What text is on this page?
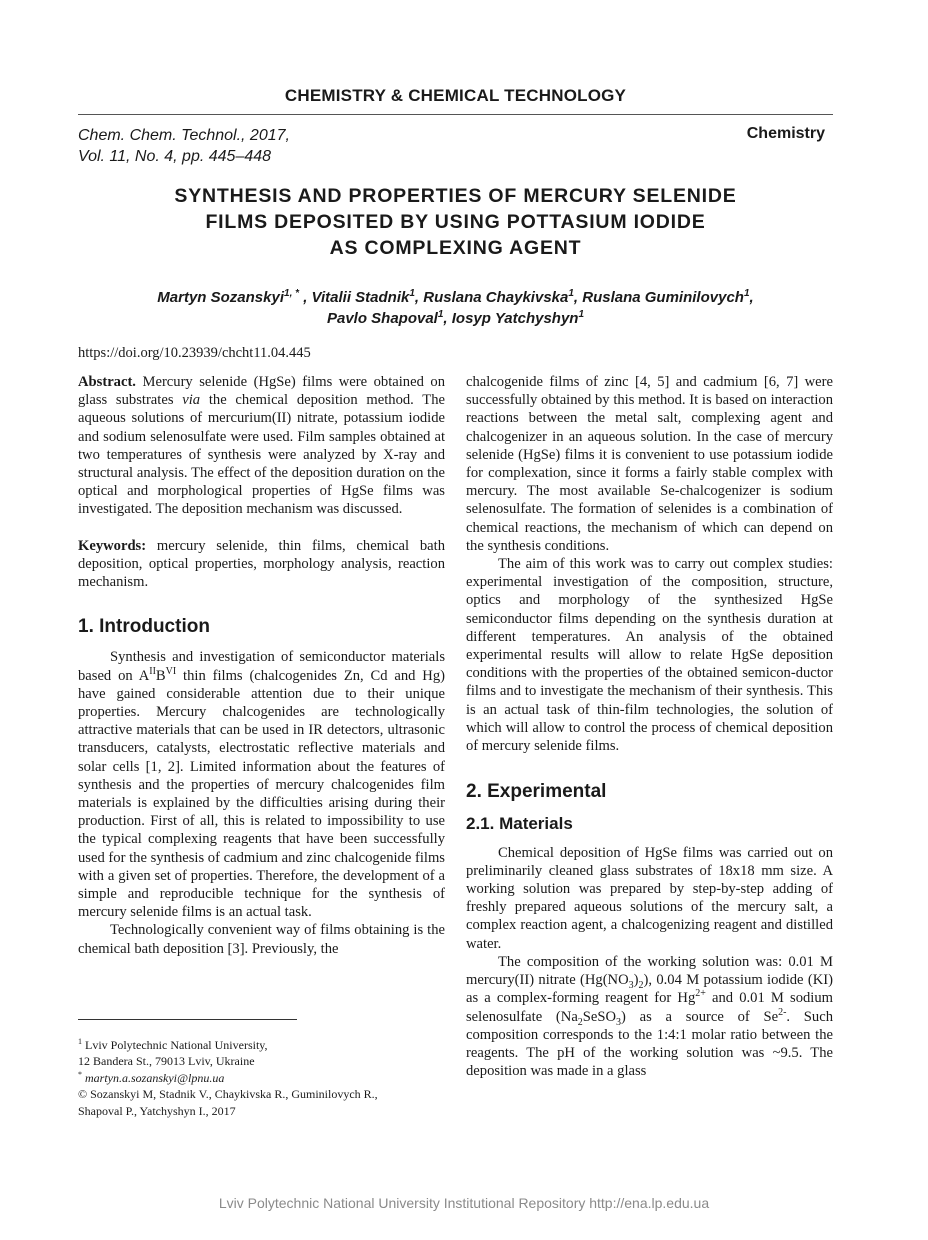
CHEMISTRY & CHEMICAL TECHNOLOGY
Chem. Chem. Technol., 2017,
Vol. 11, No. 4, pp. 445–448
Chemistry
SYNTHESIS AND PROPERTIES OF MERCURY SELENIDE
FILMS DEPOSITED BY USING POTTASIUM IODIDE
AS COMPLEXING AGENT
Martyn Sozanskyi$^{1, *}$ , Vitalii Stadnik$^1$, Ruslana Chaykivska$^1$, Ruslana Guminilovych$^1$,
Pavlo Shapoval$^1$, Iosyp Yatchyshyn$^1$
https://doi.org/10.23939/chcht11.04.445

Abstract. Mercury selenide (HgSe) films were obtained on glass substrates via the chemical deposition method. The aqueous solutions of mercurium(II) nitrate, potassium iodide and sodium selenosulfate were used. Film samples obtained at two temperatures of synthesis were analyzed by X-ray and structural analysis. The effect of the deposition duration on the optical and morphological properties of HgSe films was investigated. The deposition mechanism was discussed.

Keywords: mercury selenide, thin films, chemical bath deposition, optical properties, morphology analysis, reaction mechanism.

1. Introduction

Synthesis and investigation of semiconductor materials based on $A^{II}B^{VI}$ thin films (chalcogenides Zn, Cd and Hg) have gained considerable attention due to their unique properties. Mercury chalcogenides are technologically attractive materials that can be used in IR detectors, ultrasonic transducers, catalysts, electrostatic reflective materials and solar cells [1, 2]. Limited information about the features of synthesis and the properties of mercury chalcogenides film materials is explained by the difficulties arising during their production. First of all, this is related to impossibility to use the typical complexing reagents that have been successfully used for the synthesis of cadmium and zinc chalcogenide films with a given set of properties. Therefore, the development of a simple and reproducible technique for the synthesis of mercury selenide films is an actual task.

Technologically convenient way of films obtaining is the chemical bath deposition [3]. Previously, the

$^1$ Lviv Polytechnic National University,
12 Bandera St., 79013 Lviv, Ukraine
* martyn.a.sozanskyi@lpnu.ua
© Sozanskyi M, Stadnik V., Chaykivska R., Guminilovych R.,
Shapoval P., Yatchyshyn I., 2017

chalcogenide films of zinc [4, 5] and cadmium [6, 7] were successfully obtained by this method. It is based on interaction reactions between the metal salt, complexing agent and chalcogenizer in an aqueous solution. In the case of mercury selenide (HgSe) films it is convenient to use potassium iodide for complexation, since it forms a fairly stable complex with mercury. The most available Se-chalcogenizer is sodium selenosulfate. The formation of selenides is a combination of chemical reactions, the mechanism of which can depend on the synthesis conditions.

The aim of this work was to carry out complex studies: experimental investigation of the composition, structure, optics and morphology of the synthesized HgSe semiconductor films depending on the synthesis duration at different temperatures. An analysis of the obtained experimental results will allow to relate HgSe deposition conditions with the properties of the obtained semicon-ductor films and to investigate the mechanism of their synthesis. This is an actual task of thin-film technologies, the solution of which will allow to control the process of chemical deposition of mercury selenide films.

2. Experimental
2.1. Materials

Chemical deposition of HgSe films was carried out on preliminarily cleaned glass substrates of 18x18 mm size. A working solution was prepared by step-by-step adding of freshly prepared aqueous solutions of the mercury salt, a complex reaction agent, a chalcogenizing reagent and distilled water.

The composition of the working solution was: 0.01 M mercury(II) nitrate $(Hg(NO_3)_2)$, 0.04 M potassium iodide (KI) as a complex-forming reagent for $Hg^{2+}$ and 0.01 M sodium selenosulfate $(Na_2SeSO_3)$ as a source of $Se^{2-}$. Such composition corresponds to the 1:4:1 molar ratio between the reagents. The pH of the working solution was ~9.5. The deposition was made in a glass

Lviv Polytechnic National University Institutional Repository http://ena.lp.edu.ua
